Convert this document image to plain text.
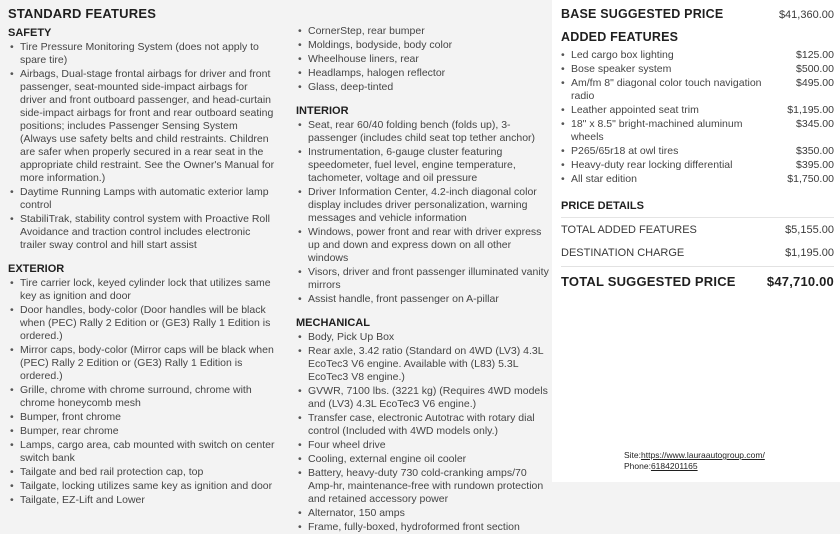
STANDARD FEATURES
SAFETY
• Tire Pressure Monitoring System (does not apply to spare tire)
• Airbags, Dual-stage frontal airbags for driver and front passenger, seat-mounted side-impact airbags for driver and front outboard passenger, and head-curtain side-impact airbags for front and rear outboard seating positions; includes Passenger Sensing System (Always use safety belts and child restraints. Children are safer when properly secured in a rear seat in the appropriate child restraint. See the Owner's Manual for more information.)
• Daytime Running Lamps with automatic exterior lamp control
• StabiliTrak, stability control system with Proactive Roll Avoidance and traction control includes electronic trailer sway control and hill start assist
EXTERIOR
• Tire carrier lock, keyed cylinder lock that utilizes same key as ignition and door
• Door handles, body-color (Door handles will be black when (PEC) Rally 2 Edition or (GE3) Rally 1 Edition is ordered.)
• Mirror caps, body-color (Mirror caps will be black when (PEC) Rally 2 Edition or (GE3) Rally 1 Edition is ordered.)
• Grille, chrome with chrome surround, chrome with chrome honeycomb mesh
• Bumper, front chrome
• Bumper, rear chrome
• Lamps, cargo area, cab mounted with switch on center switch bank
• Tailgate and bed rail protection cap, top
• Tailgate, locking utilizes same key as ignition and door
• Tailgate, EZ-Lift and Lower
• CornerStep, rear bumper
• Moldings, bodyside, body color
• Wheelhouse liners, rear
• Headlamps, halogen reflector
• Glass, deep-tinted
INTERIOR
• Seat, rear 60/40 folding bench (folds up), 3-passenger (includes child seat top tether anchor)
• Instrumentation, 6-gauge cluster featuring speedometer, fuel level, engine temperature, tachometer, voltage and oil pressure
• Driver Information Center, 4.2-inch diagonal color display includes driver personalization, warning messages and vehicle information
• Windows, power front and rear with driver express up and down and express down on all other windows
• Visors, driver and front passenger illuminated vanity mirrors
• Assist handle, front passenger on A-pillar
MECHANICAL
• Body, Pick Up Box
• Rear axle, 3.42 ratio (Standard on 4WD (LV3) 4.3L EcoTec3 V6 engine. Available with (L83) 5.3L EcoTec3 V8 engine.)
• GVWR, 7100 lbs. (3221 kg) (Requires 4WD models and (LV3) 4.3L EcoTec3 V6 engine.)
• Transfer case, electronic Autotrac with rotary dial control (Included with 4WD models only.)
• Four wheel drive
• Cooling, external engine oil cooler
• Battery, heavy-duty 730 cold-cranking amps/70 Amp-hr, maintenance-free with rundown protection and retained accessory power
• Alternator, 150 amps
• Frame, fully-boxed, hydroformed front section
BASE SUGGESTED PRICE	$41,360.00
ADDED FEATURES
• Led cargo box lighting	$125.00
• Bose speaker system	$500.00
• Am/fm 8" diagonal color touch navigation radio
$495.00
• Leather appointed seat trim	$1,195.00
• 18" x 8.5" bright-machined aluminum wheels
$345.00
• P265/65r18 at owl tires	$350.00
• Heavy-duty rear locking differential	$395.00
• All star edition	$1,750.00
PRICE DETAILS
TOTAL ADDED FEATURES	$5,155.00
DESTINATION CHARGE	$1,195.00
TOTAL SUGGESTED PRICE $47,710.00
Site:https://www.lauraautogroup.com/
Phone:6184201165
